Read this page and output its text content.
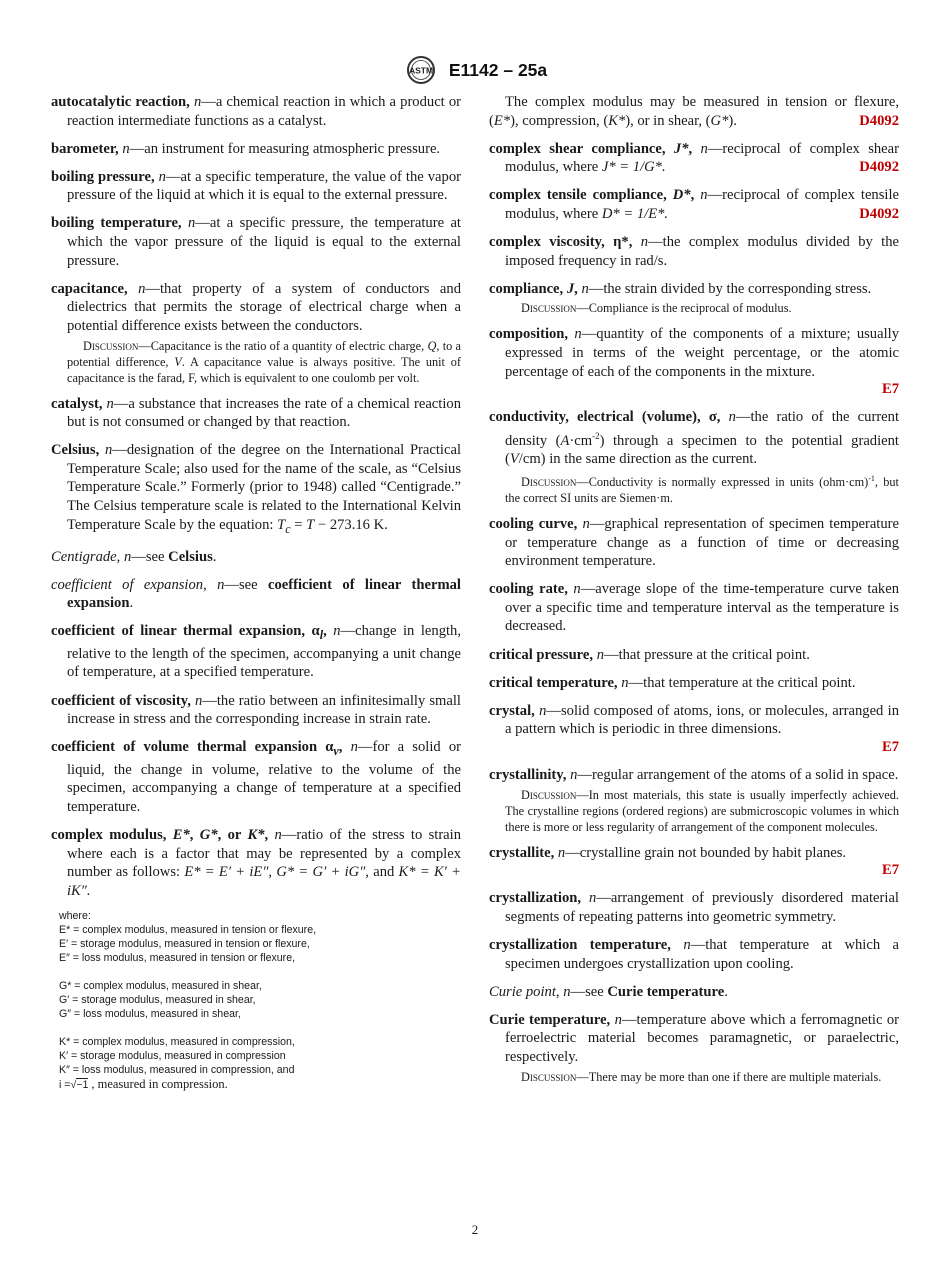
ASTM E1142 – 25a
autocatalytic reaction, n—a chemical reaction in which a product or reaction intermediate functions as a catalyst.
barometer, n—an instrument for measuring atmospheric pressure.
boiling pressure, n—at a specific temperature, the value of the vapor pressure of the liquid at which it is equal to the external pressure.
boiling temperature, n—at a specific pressure, the temperature at which the vapor pressure of the liquid is equal to the external pressure.
capacitance, n—that property of a system of conductors and dielectrics that permits the storage of electrical charge when a potential difference exists between the conductors.
Discussion—Capacitance is the ratio of a quantity of electric charge, Q, to a potential difference, V. A capacitance value is always positive. The unit of capacitance is the farad, F, which is equivalent to one coulomb per volt.
catalyst, n—a substance that increases the rate of a chemical reaction but is not consumed or changed by that reaction.
Celsius, n—designation of the degree on the International Practical Temperature Scale; also used for the name of the scale, as “Celsius Temperature Scale.” Formerly (prior to 1948) called “Centigrade.” The Celsius temperature scale is related to the International Kelvin Temperature Scale by the equation: $T_c = T - 273.16$ K.
Centigrade, n—see Celsius.
coefficient of expansion, n—see coefficient of linear thermal expansion.
coefficient of linear thermal expansion, $\alpha_l$, n—change in length, relative to the length of the specimen, accompanying a unit change of temperature, at a specified temperature.
coefficient of viscosity, n—the ratio between an infinitesimally small increase in stress and the corresponding increase in strain rate.
coefficient of volume thermal expansion $\alpha_v$, n—for a solid or liquid, the change in volume, relative to the volume of the specimen, accompanying a change of temperature at a specified temperature.
complex modulus, E*, G*, or K*, n—ratio of the stress to strain where each is a factor that may be represented by a complex number as follows: E* = E′ + iE″, G* = G′ + iG″, and K* = K′ + iK″.
where:
E* = complex modulus, measured in tension or flexure,
E′ = storage modulus, measured in tension or flexure,
E″ = loss modulus, measured in tension or flexure,
G* = complex modulus, measured in shear,
G′ = storage modulus, measured in shear,
G″ = loss modulus, measured in shear,
K* = complex modulus, measured in compression,
K′ = storage modulus, measured in compression
K″ = loss modulus, measured in compression, and
i =√−1 , measured in compression.
The complex modulus may be measured in tension or flexure, (E*), compression, (K*), or in shear, (G*).	D4092
complex shear compliance, J*, n—reciprocal of complex shear modulus, where J* = 1/G*.	D4092
complex tensile compliance, D*, n—reciprocal of complex tensile modulus, where D* = 1/E*.	D4092
complex viscosity, η*, n—the complex modulus divided by the imposed frequency in rad/s.
compliance, J, n—the strain divided by the corresponding stress.
Discussion—Compliance is the reciprocal of modulus.
composition, n—quantity of the components of a mixture; usually expressed in terms of the weight percentage, or the atomic percentage of each of the components in the mixture.
E7
conductivity, electrical (volume), σ, n—the ratio of the current density $(A\cdot cm^{-2})$ through a specimen to the potential gradient (V/cm) in the same direction as the current.
Discussion—Conductivity is normally expressed in units $(ohm\cdot cm)^{-1}$, but the correct SI units are Siemen·m.
cooling curve, n—graphical representation of specimen temperature or temperature change as a function of time or decreasing environment temperature.
cooling rate, n—average slope of the time-temperature curve taken over a specific time and temperature interval as the temperature is decreased.
critical pressure, n—that pressure at the critical point.
critical temperature, n—that temperature at the critical point.
crystal, n—solid composed of atoms, ions, or molecules, arranged in a pattern which is periodic in three dimensions.
E7
crystallinity, n—regular arrangement of the atoms of a solid in space.
Discussion—In most materials, this state is usually imperfectly achieved. The crystalline regions (ordered regions) are submicroscopic volumes in which there is more or less regularity of arrangement of the component molecules.
crystallite, n—crystalline grain not bounded by habit planes.
E7
crystallization, n—arrangement of previously disordered material segments of repeating patterns into geometric symmetry.
crystallization temperature, n—that temperature at which a specimen undergoes crystallization upon cooling.
Curie point, n—see Curie temperature.
Curie temperature, n—temperature above which a ferromagnetic or ferroelectric material becomes paramagnetic, or paraelectric, respectively.
Discussion—There may be more than one if there are multiple materials.
2
